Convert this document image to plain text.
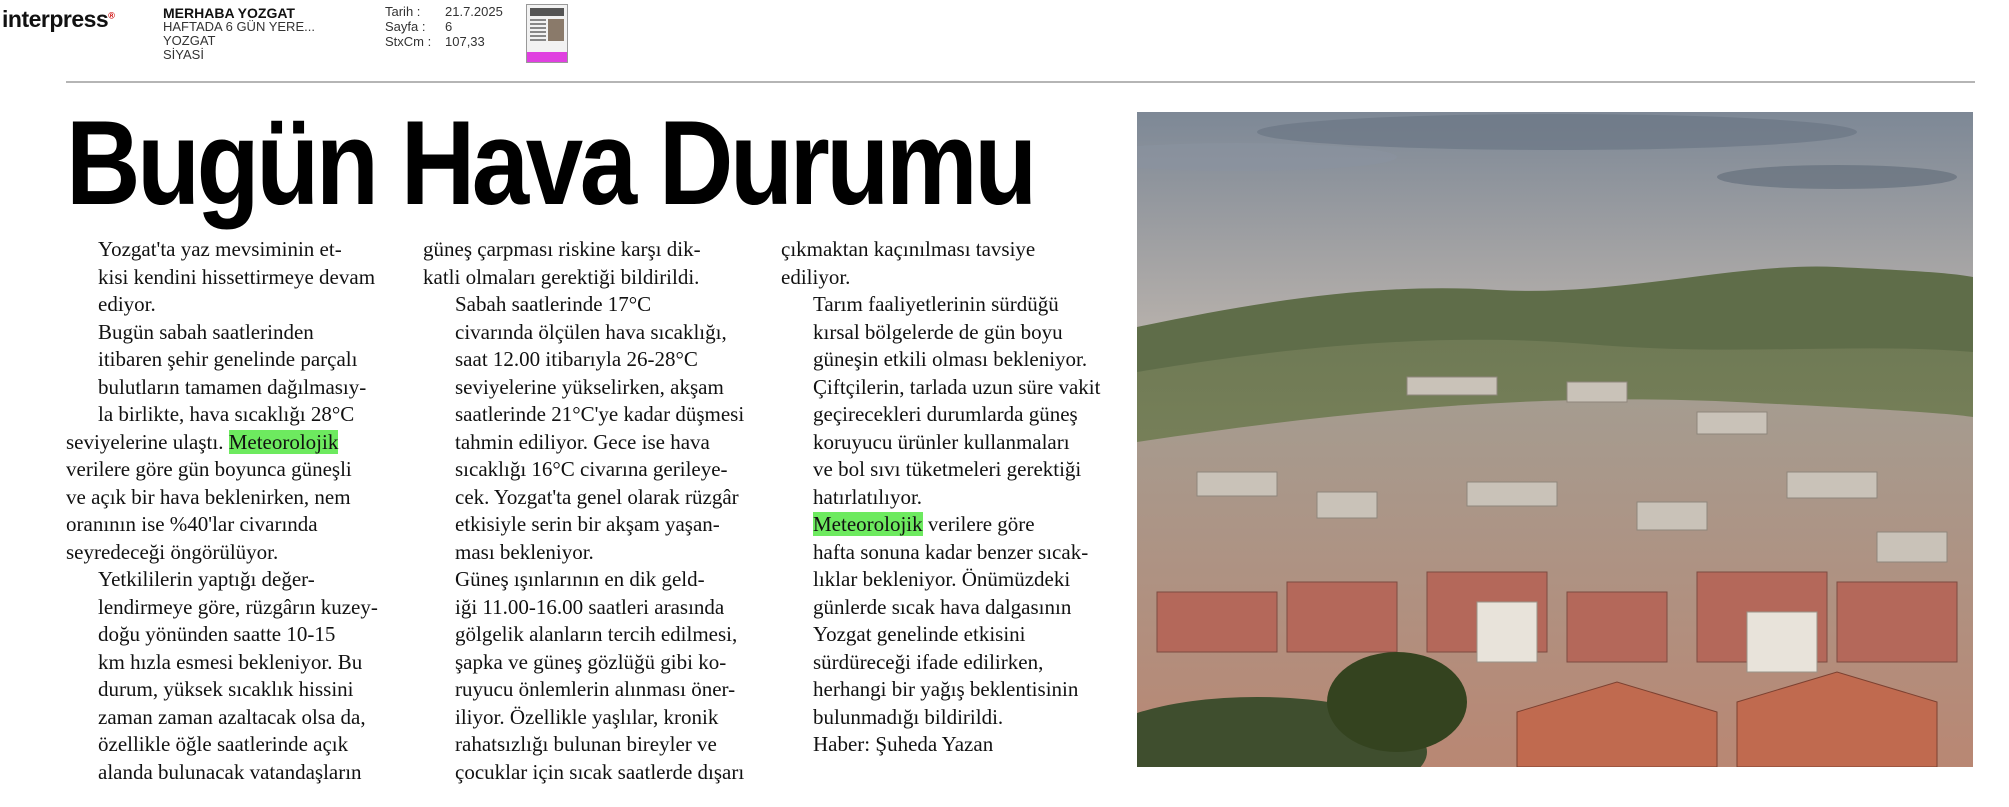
interpress®	MERHABA YOZGAT
HAFTADA 6 GÜN YERE...
YOZGAT
SİYASİ
Tarih :	21.7.2025
Sayfa :	6
StxCm :	107,33
Bugün Hava Durumu

Yozgat'ta yaz mevsiminin et-
kisi kendini hissettirmeye devam
ediyor.

Bugün sabah saatlerinden
itibaren şehir genelinde parçalı
bulutların tamamen dağılmasıy-
la birlikte, hava sıcaklığı 28°C

seviyelerine ulaştı. Meteorolojik
verilere göre gün boyunca güneşli
ve açık bir hava beklenirken, nem
oranının ise %40'lar civarında
seyredeceği öngörülüyor.

Yetkililerin yaptığı değer-
lendirmeye göre, rüzgârın kuzey-
doğu yönünden saatte 10-15
km hızla esmesi bekleniyor. Bu
durum, yüksek sıcaklık hissini
zaman zaman azaltacak olsa da,
özellikle öğle saatlerinde açık
alanda bulunacak vatandaşların

güneş çarpması riskine karşı dik-
katli olmaları gerektiği bildirildi.

Sabah saatlerinde 17°C
civarında ölçülen hava sıcaklığı,
saat 12.00 itibarıyla 26-28°C
seviyelerine yükselirken, akşam
saatlerinde 21°C'ye kadar düşmesi
tahmin ediliyor. Gece ise hava
sıcaklığı 16°C civarına gerileye-
cek. Yozgat'ta genel olarak rüzgâr
etkisiyle serin bir akşam yaşan-
ması bekleniyor.

Güneş ışınlarının en dik geld-
iği 11.00-16.00 saatleri arasında
gölgelik alanların tercih edilmesi,
şapka ve güneş gözlüğü gibi ko-
ruyucu önlemlerin alınması öner-
iliyor. Özellikle yaşlılar, kronik
rahatsızlığı bulunan bireyler ve
çocuklar için sıcak saatlerde dışarı

çıkmaktan kaçınılması tavsiye
ediliyor.

Tarım faaliyetlerinin sürdüğü
kırsal bölgelerde de gün boyu
güneşin etkili olması bekleniyor.
Çiftçilerin, tarlada uzun süre vakit
geçirecekleri durumlarda güneş
koruyucu ürünler kullanmaları
ve bol sıvı tüketmeleri gerektiği
hatırlatılıyor.

Meteorolojik verilere göre
hafta sonuna kadar benzer sıcak-
lıklar bekleniyor. Önümüzdeki
günlerde sıcak hava dalgasının
Yozgat genelinde etkisini
sürdüreceği ifade edilirken,
herhangi bir yağış beklentisinin
bulunmadığı bildirildi.

Haber: Şuheda Yazan
